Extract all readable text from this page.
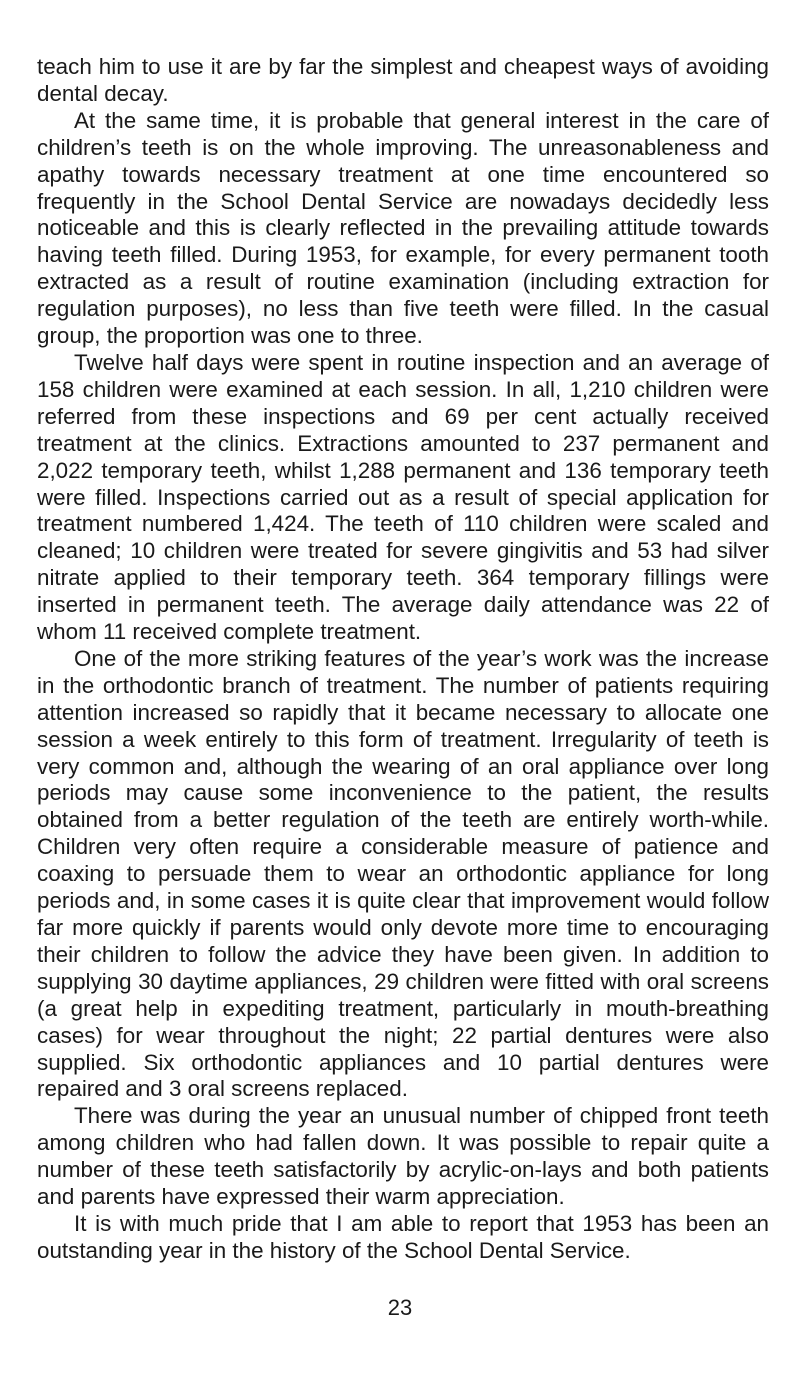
teach him to use it are by far the simplest and cheapest ways of avoiding dental decay.

At the same time, it is probable that general interest in the care of children’s teeth is on the whole improving. The unreasonableness and apathy towards necessary treatment at one time encountered so frequently in the School Dental Service are nowadays decidedly less noticeable and this is clearly reflected in the prevailing attitude towards having teeth filled. During 1953, for example, for every permanent tooth extracted as a result of routine examination (including extraction for regulation purposes), no less than five teeth were filled. In the casual group, the proportion was one to three.

Twelve half days were spent in routine inspection and an average of 158 children were examined at each session. In all, 1,210 children were referred from these inspections and 69 per cent actually received treatment at the clinics. Extractions amounted to 237 permanent and 2,022 temporary teeth, whilst 1,288 permanent and 136 temporary teeth were filled. Inspections carried out as a result of special application for treatment numbered 1,424. The teeth of 110 children were scaled and cleaned; 10 children were treated for severe gingivitis and 53 had silver nitrate applied to their temporary teeth. 364 temporary fillings were inserted in permanent teeth. The average daily attendance was 22 of whom 11 received complete treatment.

One of the more striking features of the year’s work was the increase in the orthodontic branch of treatment. The number of patients requiring attention increased so rapidly that it became necessary to allocate one session a week entirely to this form of treatment. Irregularity of teeth is very common and, although the wearing of an oral appliance over long periods may cause some inconvenience to the patient, the results obtained from a better regulation of the teeth are entirely worth-while. Children very often require a considerable measure of patience and coaxing to persuade them to wear an orthodontic appliance for long periods and, in some cases it is quite clear that improvement would follow far more quickly if parents would only devote more time to encouraging their children to follow the advice they have been given. In addition to supplying 30 daytime appliances, 29 children were fitted with oral screens (a great help in expediting treatment, particularly in mouth-breathing cases) for wear throughout the night; 22 partial dentures were also supplied. Six orthodontic appliances and 10 partial dentures were repaired and 3 oral screens replaced.

There was during the year an unusual number of chipped front teeth among children who had fallen down. It was possible to repair quite a number of these teeth satisfactorily by acrylic-on-lays and both patients and parents have expressed their warm appreciation.

It is with much pride that I am able to report that 1953 has been an outstanding year in the history of the School Dental Service.

23
